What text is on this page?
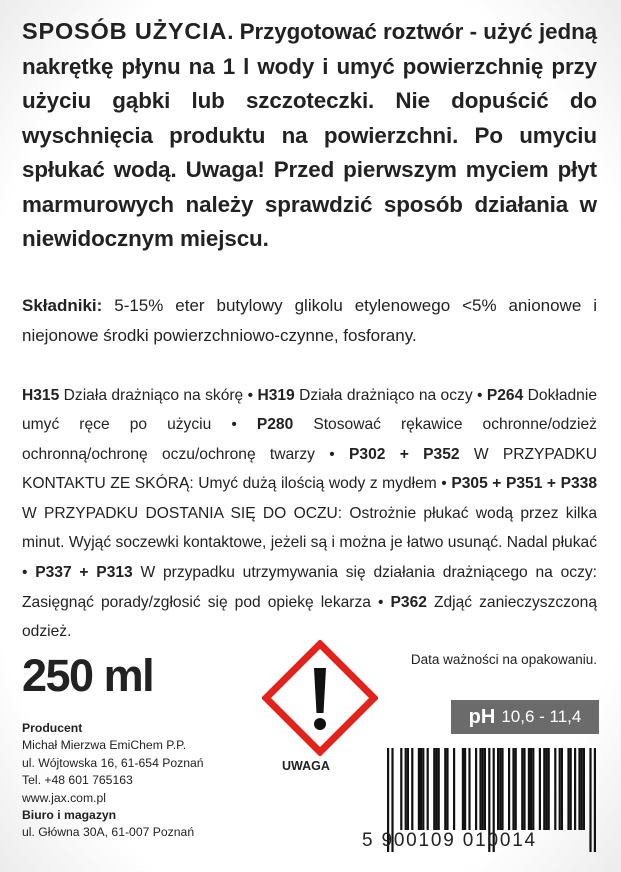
SPOSÓB UŻYCIA. Przygotować roztwór - użyć jedną nakrętkę płynu na 1 l wody i umyć powierzchnię przy użyciu gąbki lub szczoteczki. Nie dopuścić do wyschnięcia produktu na powierzchni. Po umyciu spłukać wodą. Uwaga! Przed pierwszym myciem płyt marmurowych należy sprawdzić sposób działania w niewidocznym miejscu.

Składniki: 5-15% eter butylowy glikolu etylenowego <5% anionowe i niejonowe środki powierzchniowo-czynne, fosforany.

H315 Działa drażniąco na skórę • H319 Działa drażniąco na oczy • P264 Dokładnie umyć ręce po użyciu • P280 Stosować rękawice ochronne/odzież ochronną/ochronę oczu/ochronę twarzy • P302 + P352 W PRZYPADKU KONTAKTU ZE SKÓRĄ: Umyć dużą ilością wody z mydłem • P305 + P351 + P338 W PRZYPADKU DOSTANIA SIĘ DO OCZU: Ostrożnie płukać wodą przez kilka minut. Wyjąć soczewki kontaktowe, jeżeli są i można je łatwo usunąć. Nadal płukać • P337 + P313 W przypadku utrzymywania się działania drażniącego na oczy: Zasięgnąć porady/zgłosić się pod opiekę lekarza • P362 Zdjąć zanieczyszczoną odzież.

250 ml
Producent
Michał Mierzwa EmiChem P.P.
ul. Wójtowska 16, 61-654 Poznań
Tel. +48 601 765163
www.jax.com.pl
Biuro i magazyn
ul. Główna 30A, 61-007 Poznań
UWAGA
Data ważności na opakowaniu.
pH 10,6 - 11,4
5 900109 010014
